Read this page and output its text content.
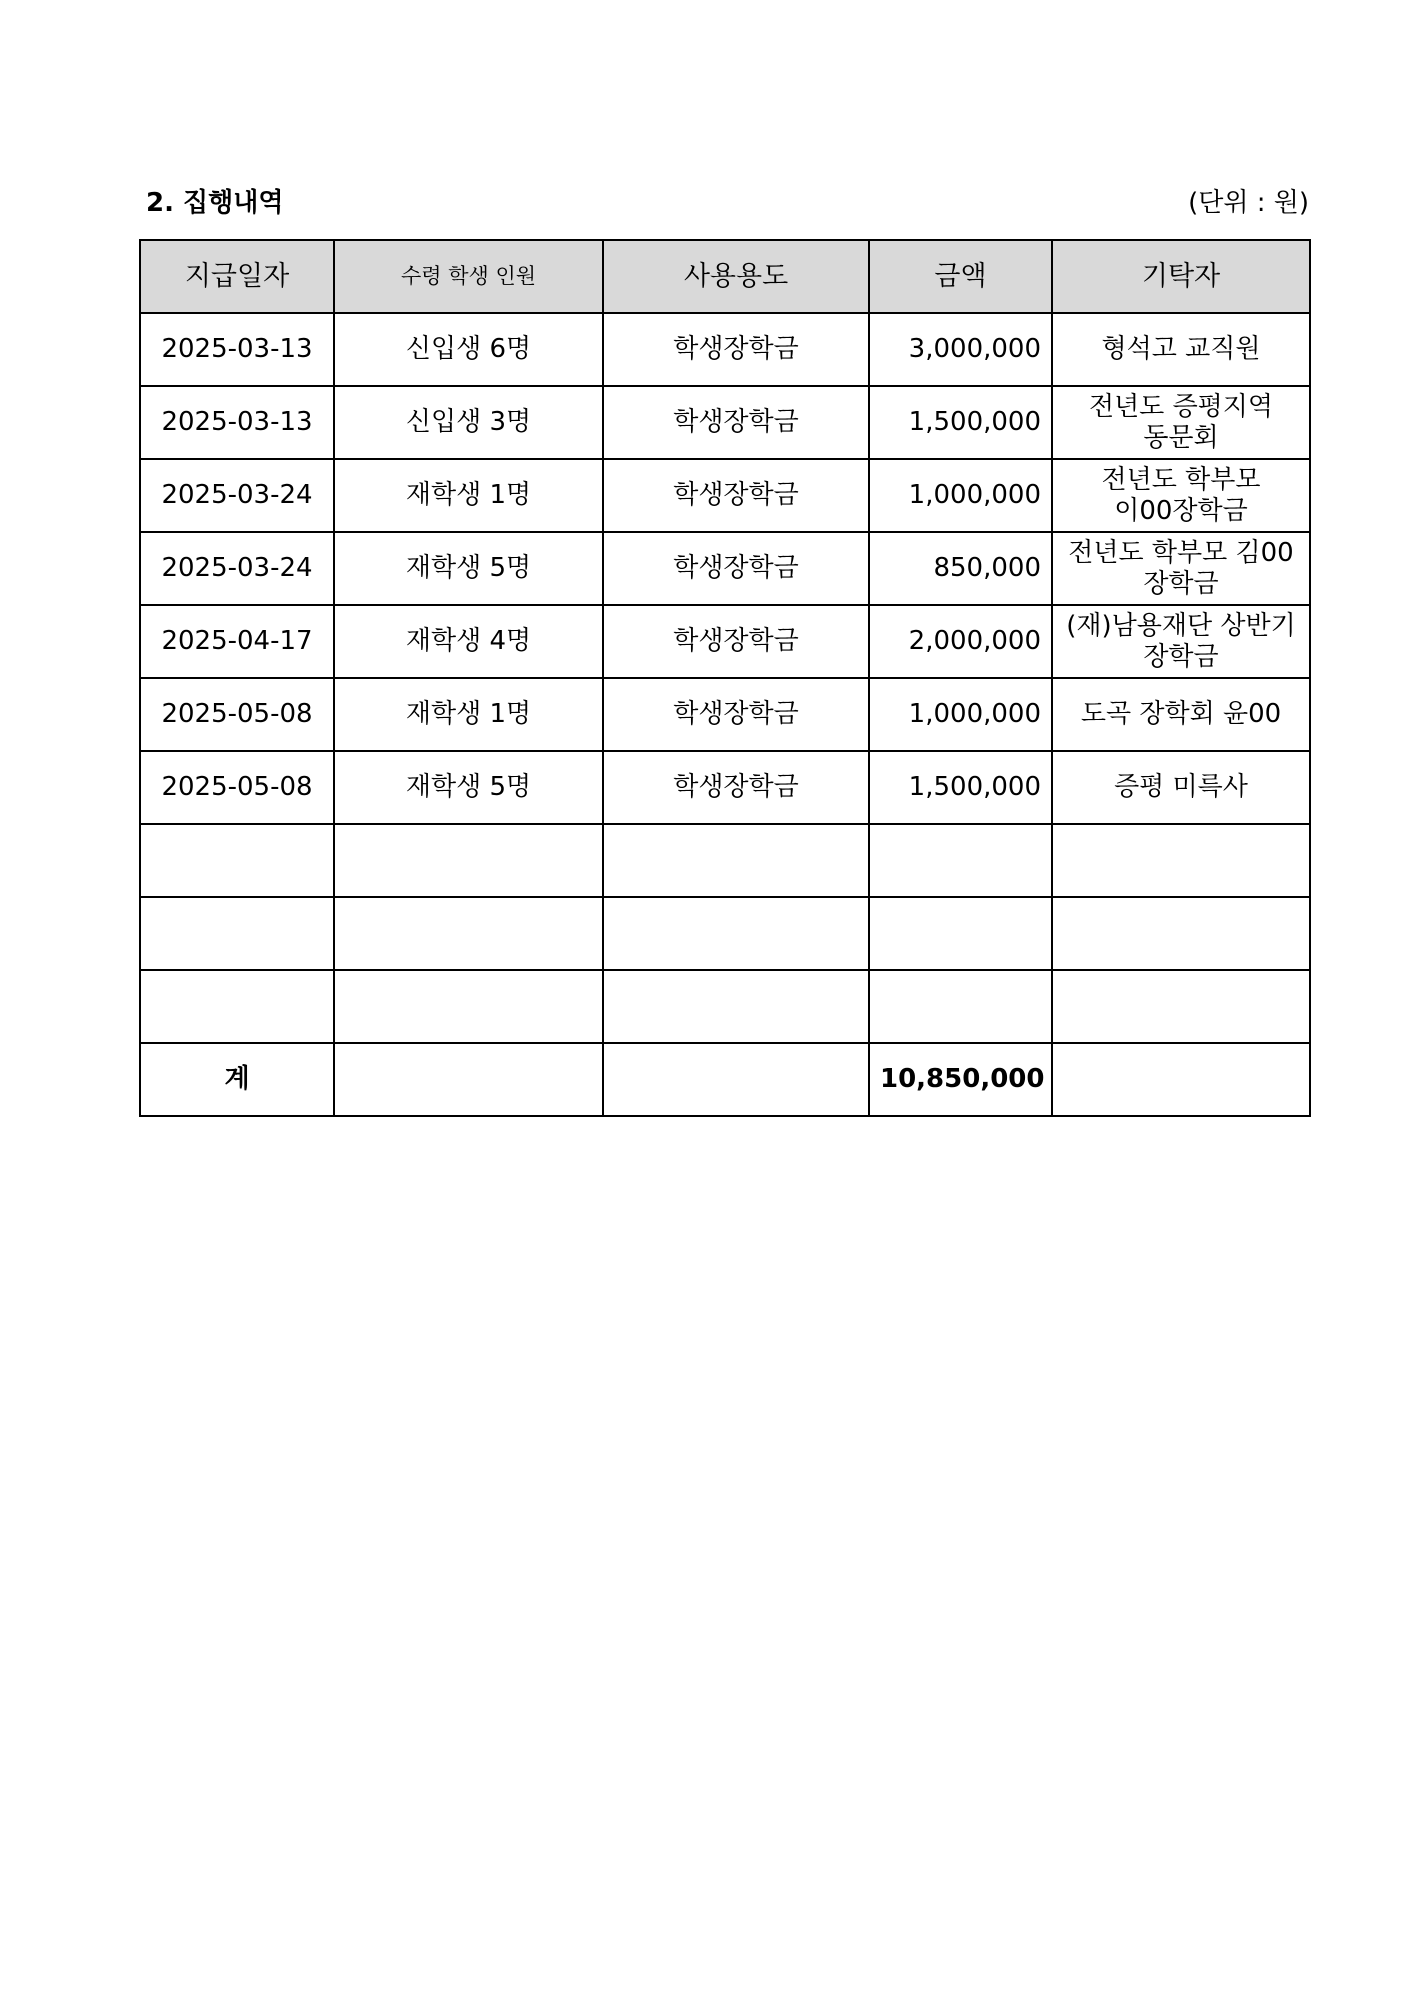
2. 집행내역	(단위 : 원)
지급일자	수령 학생 인원	사용용도	금액	기탁자
2025-03-13	신입생 6명	학생장학금	3,000,000	형석고 교직원
2025-03-13	신입생 3명	학생장학금	1,500,000	전년도 증평지역 동문회
2025-03-24	재학생 1명	학생장학금	1,000,000	전년도 학부모 이00장학금
2025-03-24	재학생 5명	학생장학금	850,000	전년도 학부모 김00 장학금
2025-04-17	재학생 4명	학생장학금	2,000,000	(재)남용재단 상반기 장학금
2025-05-08	재학생 1명	학생장학금	1,000,000	도곡 장학회 윤00
2025-05-08	재학생 5명	학생장학금	1,500,000	증평 미륵사

계			10,850,000	
